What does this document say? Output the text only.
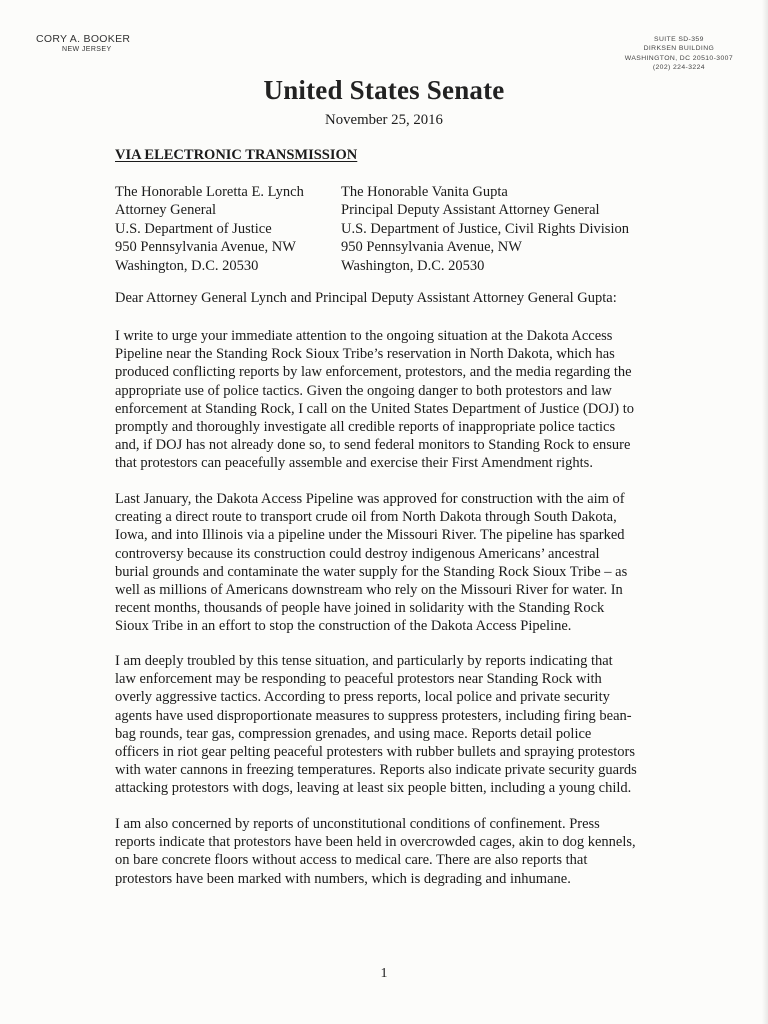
CORY A. BOOKER
NEW JERSEY
SUITE SD-359
DIRKSEN BUILDING
WASHINGTON, DC 20510-3007
(202) 224-3224
United States Senate
November 25, 2016
VIA ELECTRONIC TRANSMISSION
The Honorable Loretta E. Lynch
Attorney General
U.S. Department of Justice
950 Pennsylvania Avenue, NW
Washington, D.C. 20530
The Honorable Vanita Gupta
Principal Deputy Assistant Attorney General
U.S. Department of Justice, Civil Rights Division
950 Pennsylvania Avenue, NW
Washington, D.C. 20530
Dear Attorney General Lynch and Principal Deputy Assistant Attorney General Gupta:
I write to urge your immediate attention to the ongoing situation at the Dakota Access
Pipeline near the Standing Rock Sioux Tribe’s reservation in North Dakota, which has
produced conflicting reports by law enforcement, protestors, and the media regarding the
appropriate use of police tactics. Given the ongoing danger to both protestors and law
enforcement at Standing Rock, I call on the United States Department of Justice (DOJ) to
promptly and thoroughly investigate all credible reports of inappropriate police tactics
and, if DOJ has not already done so, to send federal monitors to Standing Rock to ensure
that protestors can peacefully assemble and exercise their First Amendment rights.
Last January, the Dakota Access Pipeline was approved for construction with the aim of
creating a direct route to transport crude oil from North Dakota through South Dakota,
Iowa, and into Illinois via a pipeline under the Missouri River. The pipeline has sparked
controversy because its construction could destroy indigenous Americans’ ancestral
burial grounds and contaminate the water supply for the Standing Rock Sioux Tribe – as
well as millions of Americans downstream who rely on the Missouri River for water. In
recent months, thousands of people have joined in solidarity with the Standing Rock
Sioux Tribe in an effort to stop the construction of the Dakota Access Pipeline.
I am deeply troubled by this tense situation, and particularly by reports indicating that
law enforcement may be responding to peaceful protestors near Standing Rock with
overly aggressive tactics. According to press reports, local police and private security
agents have used disproportionate measures to suppress protesters, including firing bean-
bag rounds, tear gas, compression grenades, and using mace. Reports detail police
officers in riot gear pelting peaceful protesters with rubber bullets and spraying protestors
with water cannons in freezing temperatures. Reports also indicate private security guards
attacking protestors with dogs, leaving at least six people bitten, including a young child.
I am also concerned by reports of unconstitutional conditions of confinement. Press
reports indicate that protestors have been held in overcrowded cages, akin to dog kennels,
on bare concrete floors without access to medical care. There are also reports that
protestors have been marked with numbers, which is degrading and inhumane.
1
